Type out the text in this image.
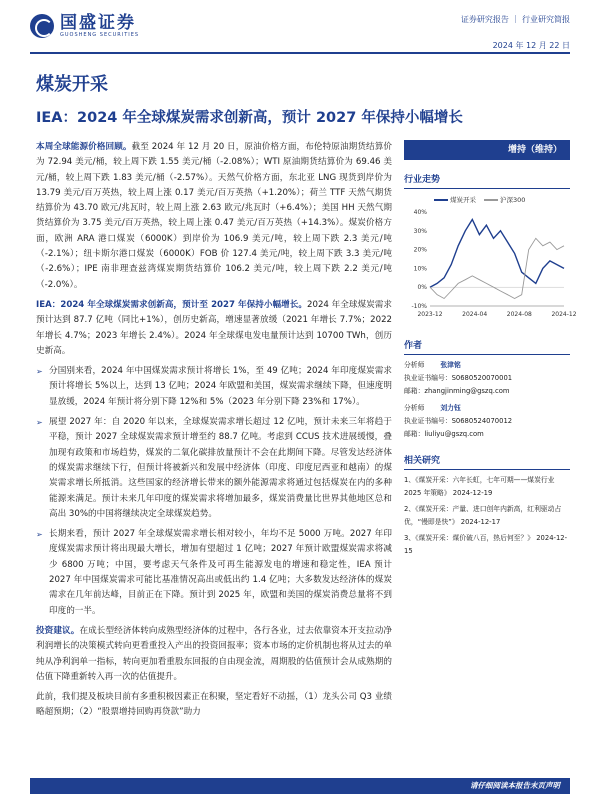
国盛证券
GUOSHENG SECURITIES
证券研究报告 ｜ 行业研究简报
2024 年 12 月 22 日
煤炭开采
IEA：2024 年全球煤炭需求创新高，预计 2027 年保持小幅增长

本周全球能源价格回顾。截至 2024 年 12 月 20 日，原油价格方面，布伦特原油期货结算价为 72.94 美元/桶，较上周下跌 1.55 美元/桶（-2.08%）；WTI 原油期货结算价为 69.46 美元/桶，较上周下跌 1.83 美元/桶（-2.57%）。天然气价格方面，东北亚 LNG 现货到岸价为 13.79 美元/百万英热，较上周上涨 0.17 美元/百万英热（+1.20%）；荷兰 TTF 天然气期货结算价为 43.70 欧元/兆瓦时，较上周上涨 2.63 欧元/兆瓦时（+6.4%）；美国 HH 天然气期货结算价为 3.75 美元/百万英热，较上周上涨 0.47 美元/百万英热（+14.3%）。煤炭价格方面，欧洲 ARA 港口煤炭（6000K）到岸价为 106.9 美元/吨，较上周下跌 2.3 美元/吨（-2.1%）；纽卡斯尔港口煤炭（6000K）FOB 价 127.4 美元/吨，较上周下跌 3.3 美元/吨（-2.6%）；IPE 南非理查兹湾煤炭期货结算价 106.2 美元/吨，较上周下跌 2.2 美元/吨（-2.0%）。

IEA：2024 年全球煤炭需求创新高，预计至 2027 年保持小幅增长。2024 年全球煤炭需求预计达到 87.7 亿吨（同比+1%），创历史新高，增速显著放缓（2021 年增长 7.7%；2022 年增长 4.7%；2023 年增长 2.4%）。2024 年全球煤电发电量预计达到 10700 TWh，创历史新高。

➢ 分国别来看，2024 年中国煤炭需求预计将增长 1%，至 49 亿吨；2024 年印度煤炭需求预计将增长 5%以上，达到 13 亿吨；2024 年欧盟和美国，煤炭需求继续下降，但速度明显放缓，2024 年预计将分别下降 12%和 5%（2023 年分别下降 23%和 17%）。
➢ 展望 2027 年：自 2020 年以来，全球煤炭需求增长超过 12 亿吨，预计未来三年将趋于平稳，预计 2027 全球煤炭需求预计增至约 88.7 亿吨。考虑到 CCUS 技术进展缓慢，叠加现有政策和市场趋势，煤炭的二氧化碳排放量预计不会在此期间下降。尽管发达经济体的煤炭需求继续下行，但预计将被新兴和发展中经济体（印度、印度尼西亚和越南）的煤炭需求增长所抵消。这些国家的经济增长带来的额外能源需求将通过包括煤炭在内的多种能源来满足。预计未来几年印度的煤炭需求将增加最多，煤炭消费量比世界其他地区总和高出 30%的中国将继续决定全球煤炭趋势。
➢ 长期来看，预计 2027 年全球煤炭需求增长相对较小，年均不足 5000 万吨。2027 年印度煤炭需求预计将出现最大增长，增加有望超过 1 亿吨；2027 年预计欧盟煤炭需求将减少 6800 万吨；中国，要考虑天气条件及可再生能源发电的增速和稳定性，IEA 预计 2027 年中国煤炭需求可能比基准情况高出或低出约 1.4 亿吨；大多数发达经济体的煤炭需求在几年前达峰，目前正在下降。预计到 2025 年，欧盟和美国的煤炭消费总量将不到印度的一半。

投资建议。在成长型经济体转向成熟型经济体的过程中，各行各业，过去依靠资本开支拉动净利润增长的决策模式转向更看重投入产出的投资回报率；资本市场的定价机制也将从过去的单纯从净利润单一指标，转向更加看重股东回报的自由现金流，周期股的估值预计会从成熟期的估值下降重新转入再一次的估值提升。

此前，我们提及板块目前有多重积极因素正在积聚，坚定看好不动摇，（1）龙头公司 Q3 业绩略超预期；（2）“股票增持回购再贷款”助力

增持（维持）
行业走势
煤炭开采	沪深300
40%
30%
20%
10%
0%
-10%
2023-12	2024-04	2024-08	2024-12
作者
分析师 张津铭
执业证书编号：S0680520070001
邮箱：zhangjinming@gszq.com
分析师 刘力钰
执业证书编号：S0680524070012
邮箱：liuliyu@gszq.com
相关研究
1、《煤炭开采：六年长虹，七年可期——煤炭行业 2025 年策略》 2024-12-19
2、《煤炭开采：产量、进口创年内新高，红利驱动占优，“慢即是快”》 2024-12-17
3、《煤炭开采：煤价破八百，热后何至？》 2024-12-15
请仔细阅读本报告末页声明
